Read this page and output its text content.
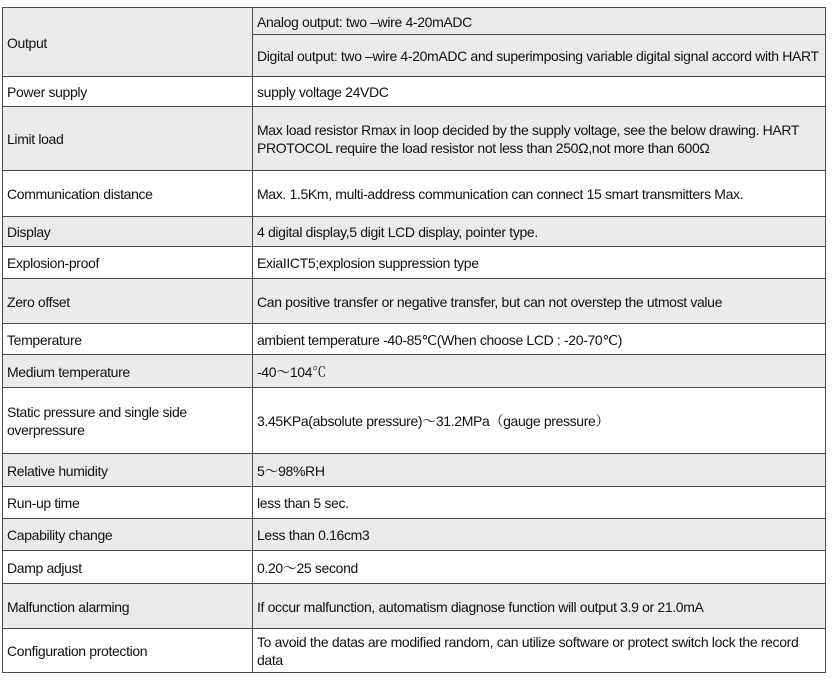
Output	Analog output: two –wire 4-20mADC
	Digital output: two –wire 4-20mADC and superimposing variable digital signal accord with HART
Power supply	supply voltage 24VDC
Limit load	Max load resistor Rmax in loop decided by the supply voltage, see the below drawing. HART PROTOCOL require the load resistor not less than 250Ω,not more than 600Ω
Communication distance	Max. 1.5Km, multi-address communication can connect 15 smart transmitters Max.
Display	4 digital display,5 digit LCD display, pointer type.
Explosion-proof	ExiaIICT5;explosion suppression type
Zero offset	Can positive transfer or negative transfer, but can not overstep the utmost value
Temperature	ambient temperature -40-85℃(When choose LCD : -20-70℃)
Medium temperature	-40～104℃
Static pressure and single side overpressure	3.45KPa(absolute pressure)～31.2MPa（gauge pressure）
Relative humidity	5～98%RH
Run-up time	less than 5 sec.
Capability change	Less than 0.16cm3
Damp adjust	0.20～25 second
Malfunction alarming	If occur malfunction, automatism diagnose function will output 3.9 or 21.0mA
Configuration protection	To avoid the datas are modified random, can utilize software or protect switch lock the record data
